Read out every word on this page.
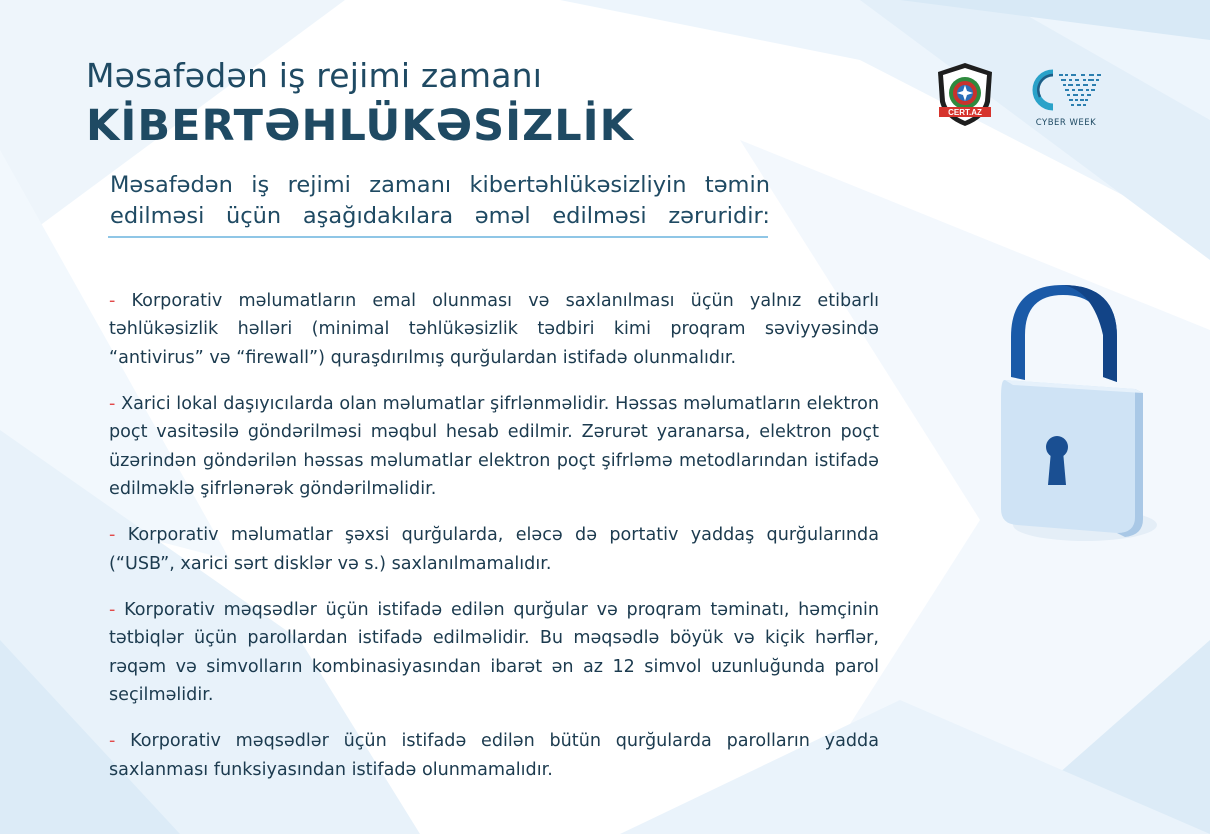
Məsafədən iş rejimi zamanı
KİBERTƏHLÜKƏSİZLİK	CERT.AZ
CYBER WEEK
Məsafədən iş rejimi zamanı kibertəhlükəsizliyin təmin edilməsi üçün aşağıdakılara əməl edilməsi zəruridir:

- Korporativ məlumatların emal olunması və saxlanılması üçün yalnız etibarlı təhlükəsizlik həlləri (minimal təhlükəsizlik tədbiri kimi proqram səviyyəsində “antivirus” və “firewall”) quraşdırılmış qurğulardan istifadə olunmalıdır.

- Xarici lokal daşıyıcılarda olan məlumatlar şifrlənməlidir. Həssas məlumatların elektron poçt vasitəsilə göndərilməsi məqbul hesab edilmir. Zərurət yaranarsa, elektron poçt üzərindən göndərilən həssas məlumatlar elektron poçt şifrləmə metodlarından istifadə edilməklə şifrlənərək göndərilməlidir.

- Korporativ məlumatlar şəxsi qurğularda, eləcə də portativ yaddaş qurğularında (“USB”, xarici sərt disklər və s.) saxlanılmamalıdır.

- Korporativ məqsədlər üçün istifadə edilən qurğular və proqram təminatı, həmçinin tətbiqlər üçün parollardan istifadə edilməlidir. Bu məqsədlə böyük və kiçik hərflər, rəqəm və simvolların kombinasiyasından ibarət ən az 12 simvol uzunluğunda parol seçilməlidir.

- Korporativ məqsədlər üçün istifadə edilən bütün qurğularda parolların yadda saxlanması funksiyasından istifadə olunmamalıdır.
